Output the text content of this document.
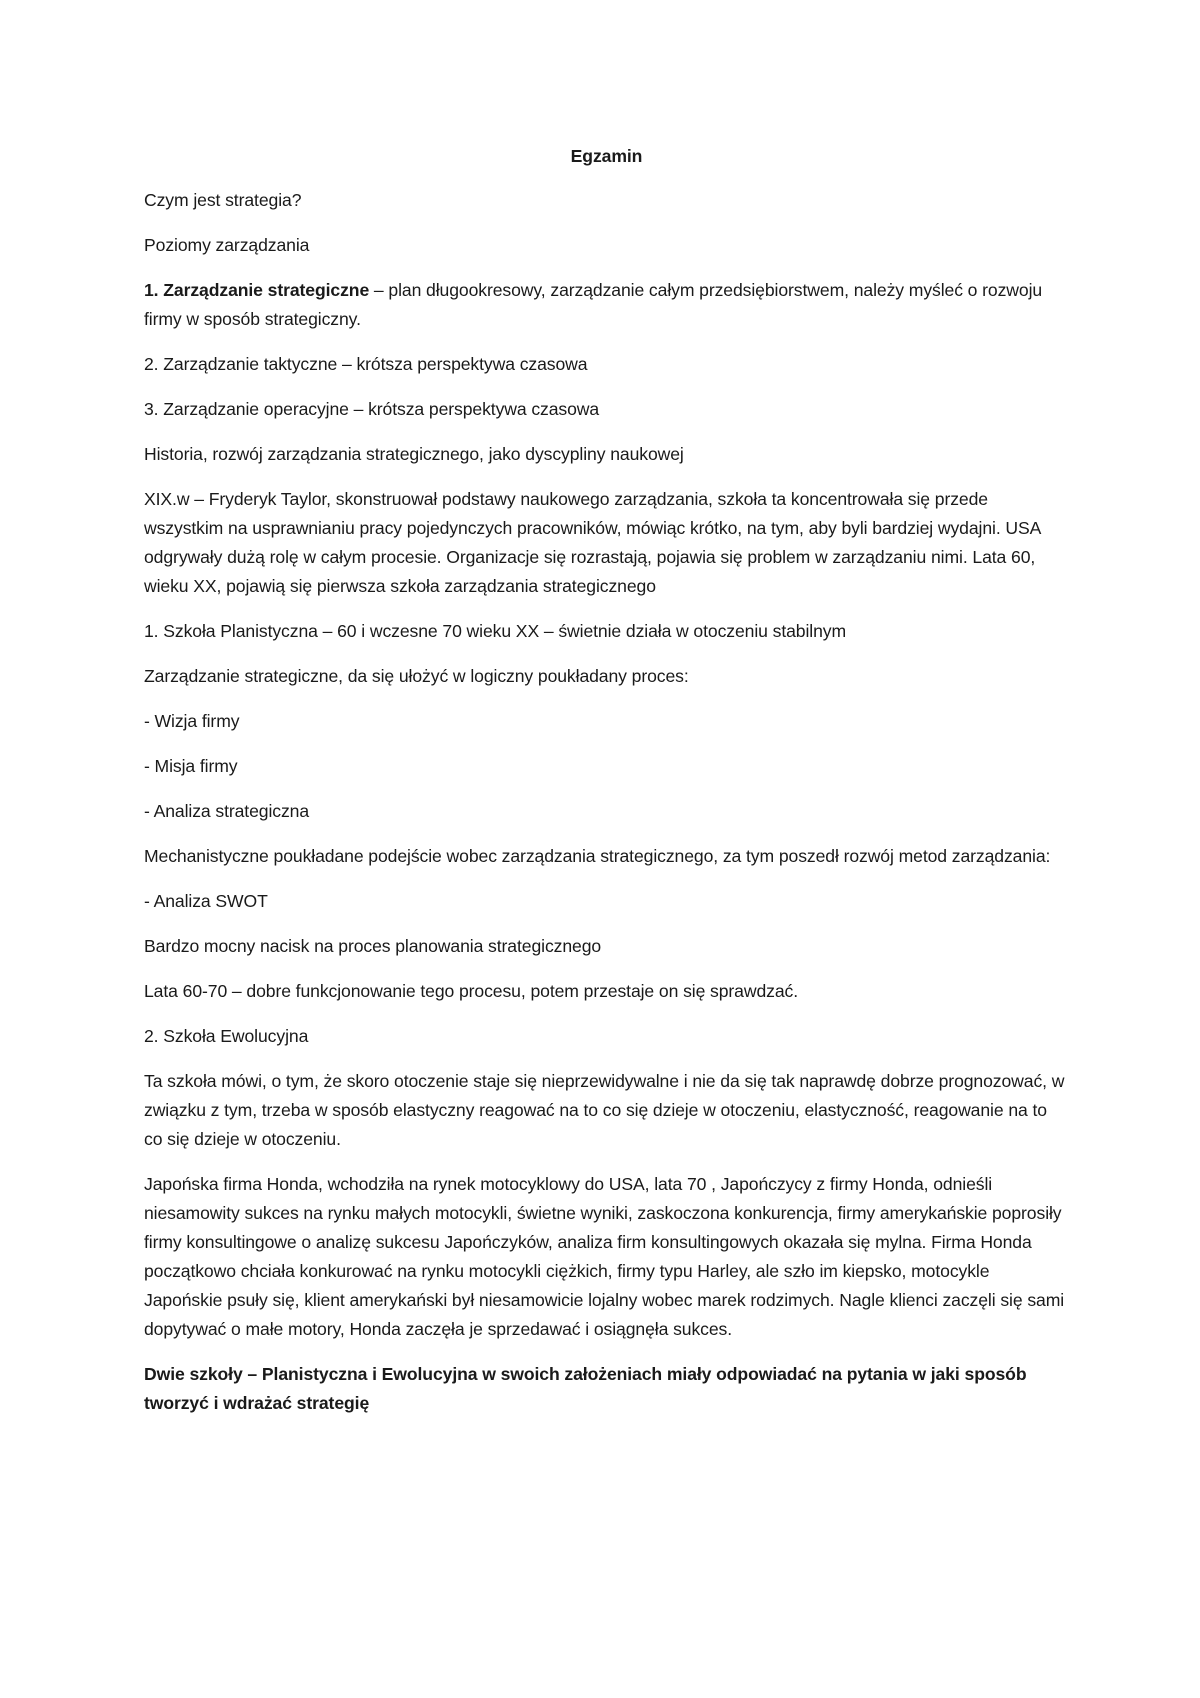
Egzamin

Czym jest strategia?

Poziomy zarządzania

1. Zarządzanie strategiczne – plan długookresowy, zarządzanie całym przedsiębiorstwem, należy myśleć o rozwoju firmy w sposób strategiczny.

2. Zarządzanie taktyczne – krótsza perspektywa czasowa

3. Zarządzanie operacyjne – krótsza perspektywa czasowa

Historia, rozwój zarządzania strategicznego, jako dyscypliny naukowej

XIX.w – Fryderyk Taylor, skonstruował podstawy naukowego zarządzania, szkoła ta koncentrowała się przede wszystkim na usprawnianiu pracy pojedynczych pracowników, mówiąc krótko, na tym, aby byli bardziej wydajni. USA odgrywały dużą rolę w całym procesie. Organizacje się rozrastają, pojawia się problem w zarządzaniu nimi. Lata 60, wieku XX, pojawią się pierwsza szkoła zarządzania strategicznego

1. Szkoła Planistyczna – 60 i wczesne 70 wieku XX – świetnie działa w otoczeniu stabilnym

Zarządzanie strategiczne, da się ułożyć w logiczny poukładany proces:

- Wizja firmy

- Misja firmy

- Analiza strategiczna

Mechanistyczne poukładane podejście wobec zarządzania strategicznego, za tym poszedł rozwój metod zarządzania:

- Analiza SWOT

Bardzo mocny nacisk na proces planowania strategicznego

Lata 60-70 – dobre funkcjonowanie tego procesu, potem przestaje on się sprawdzać.

2. Szkoła Ewolucyjna

Ta szkoła mówi, o tym, że skoro otoczenie staje się nieprzewidywalne i nie da się tak naprawdę dobrze prognozować, w związku z tym, trzeba w sposób elastyczny reagować na to co się dzieje w otoczeniu, elastyczność, reagowanie na to co się dzieje w otoczeniu.

Japońska firma Honda, wchodziła na rynek motocyklowy do USA, lata 70 , Japończycy z firmy Honda, odnieśli niesamowity sukces na rynku małych motocykli, świetne wyniki, zaskoczona konkurencja, firmy amerykańskie poprosiły firmy konsultingowe o analizę sukcesu Japończyków, analiza firm konsultingowych okazała się mylna. Firma Honda początkowo chciała konkurować na rynku motocykli ciężkich, firmy typu Harley, ale szło im kiepsko, motocykle Japońskie psuły się, klient amerykański był niesamowicie lojalny wobec marek rodzimych. Nagle klienci zaczęli się sami dopytywać o małe motory, Honda zaczęła je sprzedawać i osiągnęła sukces.

Dwie szkoły – Planistyczna i Ewolucyjna w swoich założeniach miały odpowiadać na pytania w jaki sposób tworzyć i wdrażać strategię
